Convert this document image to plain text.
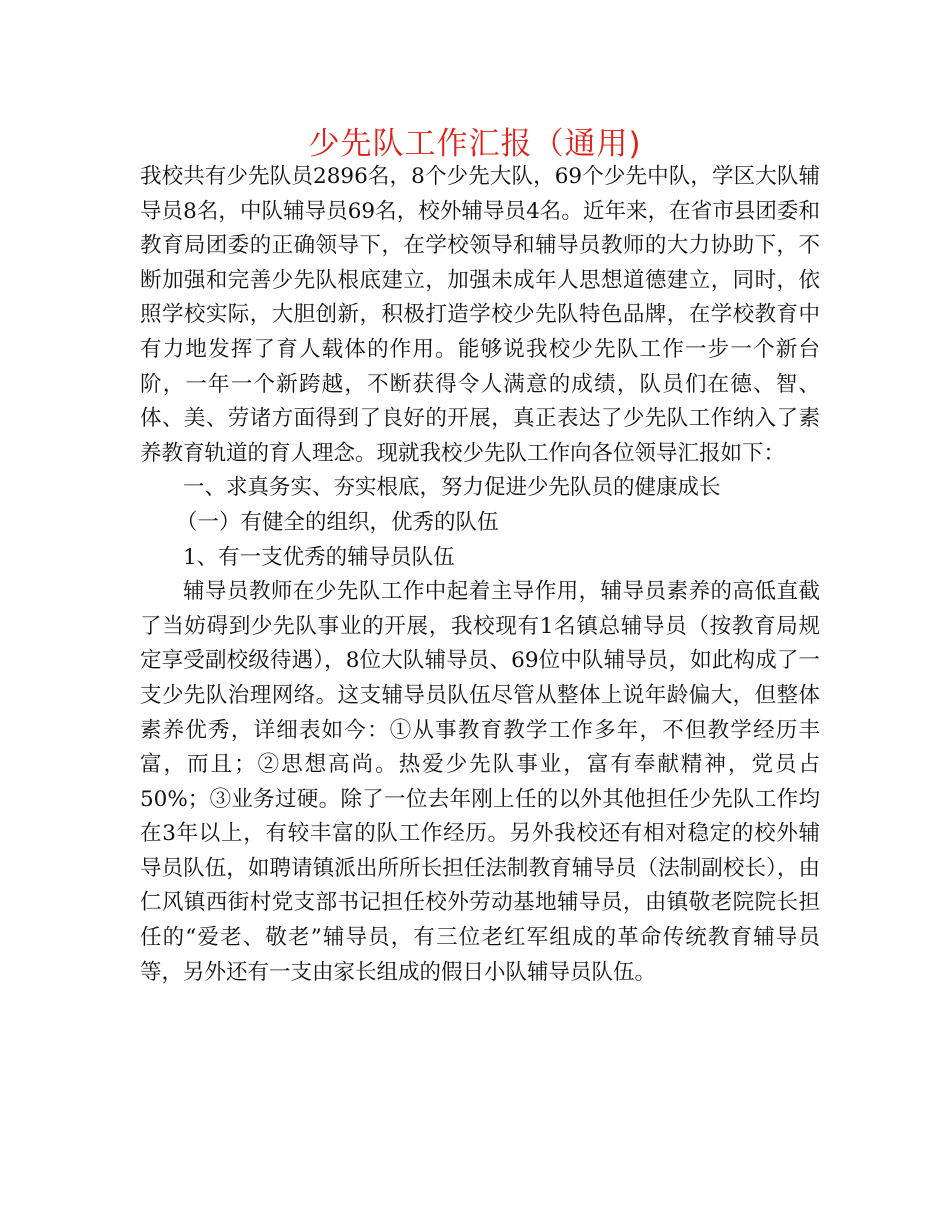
少先队工作汇报（通用)

我校共有少先队员2896名，8个少先大队，69个少先中队，学区大队辅导员8名，中队辅导员69名，校外辅导员4名。近年来，在省市县团委和教育局团委的正确领导下，在学校领导和辅导员教师的大力协助下，不断加强和完善少先队根底建立，加强未成年人思想道德建立，同时，依照学校实际，大胆创新，积极打造学校少先队特色品牌，在学校教育中有力地发挥了育人载体的作用。能够说我校少先队工作一步一个新台阶，一年一个新跨越，不断获得令人满意的成绩，队员们在德、智、体、美、劳诸方面得到了良好的开展，真正表达了少先队工作纳入了素养教育轨道的育人理念。现就我校少先队工作向各位领导汇报如下：

一、求真务实、夯实根底，努力促进少先队员的健康成长

（一）有健全的组织，优秀的队伍

1、有一支优秀的辅导员队伍

辅导员教师在少先队工作中起着主导作用，辅导员素养的高低直截了当妨碍到少先队事业的开展，我校现有1名镇总辅导员（按教育局规定享受副校级待遇），8位大队辅导员、69位中队辅导员，如此构成了一支少先队治理网络。这支辅导员队伍尽管从整体上说年龄偏大，但整体素养优秀，详细表如今：①从事教育教学工作多年，不但教学经历丰富，而且；②思想高尚。热爱少先队事业，富有奉献精神，党员占50%；③业务过硬。除了一位去年刚上任的以外其他担任少先队工作均在3年以上，有较丰富的队工作经历。另外我校还有相对稳定的校外辅导员队伍，如聘请镇派出所所长担任法制教育辅导员（法制副校长），由仁风镇西街村党支部书记担任校外劳动基地辅导员，由镇敬老院院长担任的“爱老、敬老”辅导员，有三位老红军组成的革命传统教育辅导员等，另外还有一支由家长组成的假日小队辅导员队伍。
